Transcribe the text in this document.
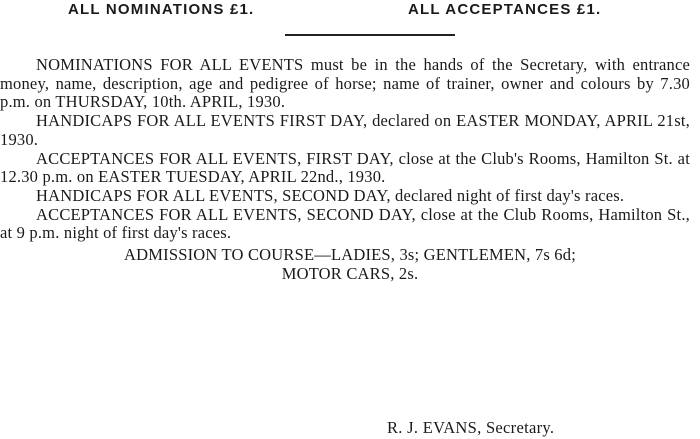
ALL NOMINATIONS £1.	ALL ACCEPTANCES £1.

NOMINATIONS FOR ALL EVENTS must be in the hands of the Secretary, with entrance money, name, description, age and pedigree of horse; name of trainer, owner and colours by 7.30 p.m. on THURSDAY, 10th. APRIL, 1930.

HANDICAPS FOR ALL EVENTS FIRST DAY, declared on EASTER MONDAY, APRIL 21st, 1930.

ACCEPTANCES FOR ALL EVENTS, FIRST DAY, close at the Club's Rooms, Hamilton St. at 12.30 p.m. on EASTER TUESDAY, APRIL 22nd., 1930.

HANDICAPS FOR ALL EVENTS, SECOND DAY, declared night of first day's races.

ACCEPTANCES FOR ALL EVENTS, SECOND DAY, close at the Club Rooms, Hamilton St., at 9 p.m. night of first day's races.

ADMISSION TO COURSE—LADIES, 3s; GENTLEMEN, 7s 6d;

MOTOR CARS, 2s.

R. J. EVANS, Secretary.
